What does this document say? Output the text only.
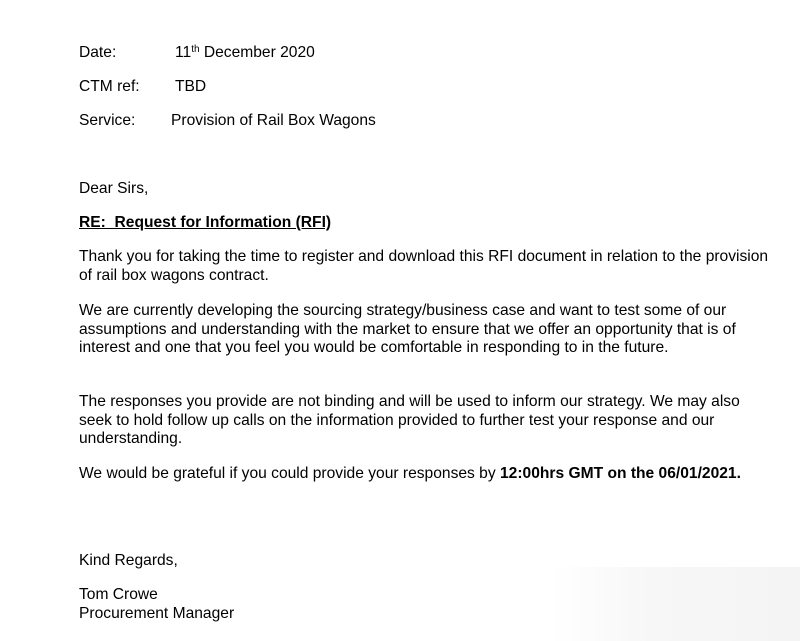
Date:	11th December 2020
CTM ref: TBD
Service: Provision of Rail Box Wagons
Dear Sirs,
RE:  Request for Information (RFI)
Thank you for taking the time to register and download this RFI document in relation to the provision of rail box wagons contract.
We are currently developing the sourcing strategy/business case and want to test some of our assumptions and understanding with the market to ensure that we offer an opportunity that is of interest and one that you feel you would be comfortable in responding to in the future.
The responses you provide are not binding and will be used to inform our strategy. We may also seek to hold follow up calls on the information provided to further test your response and our understanding.
We would be grateful if you could provide your responses by 12:00hrs GMT on the 06/01/2021.
Kind Regards,
Tom Crowe
Procurement Manager
